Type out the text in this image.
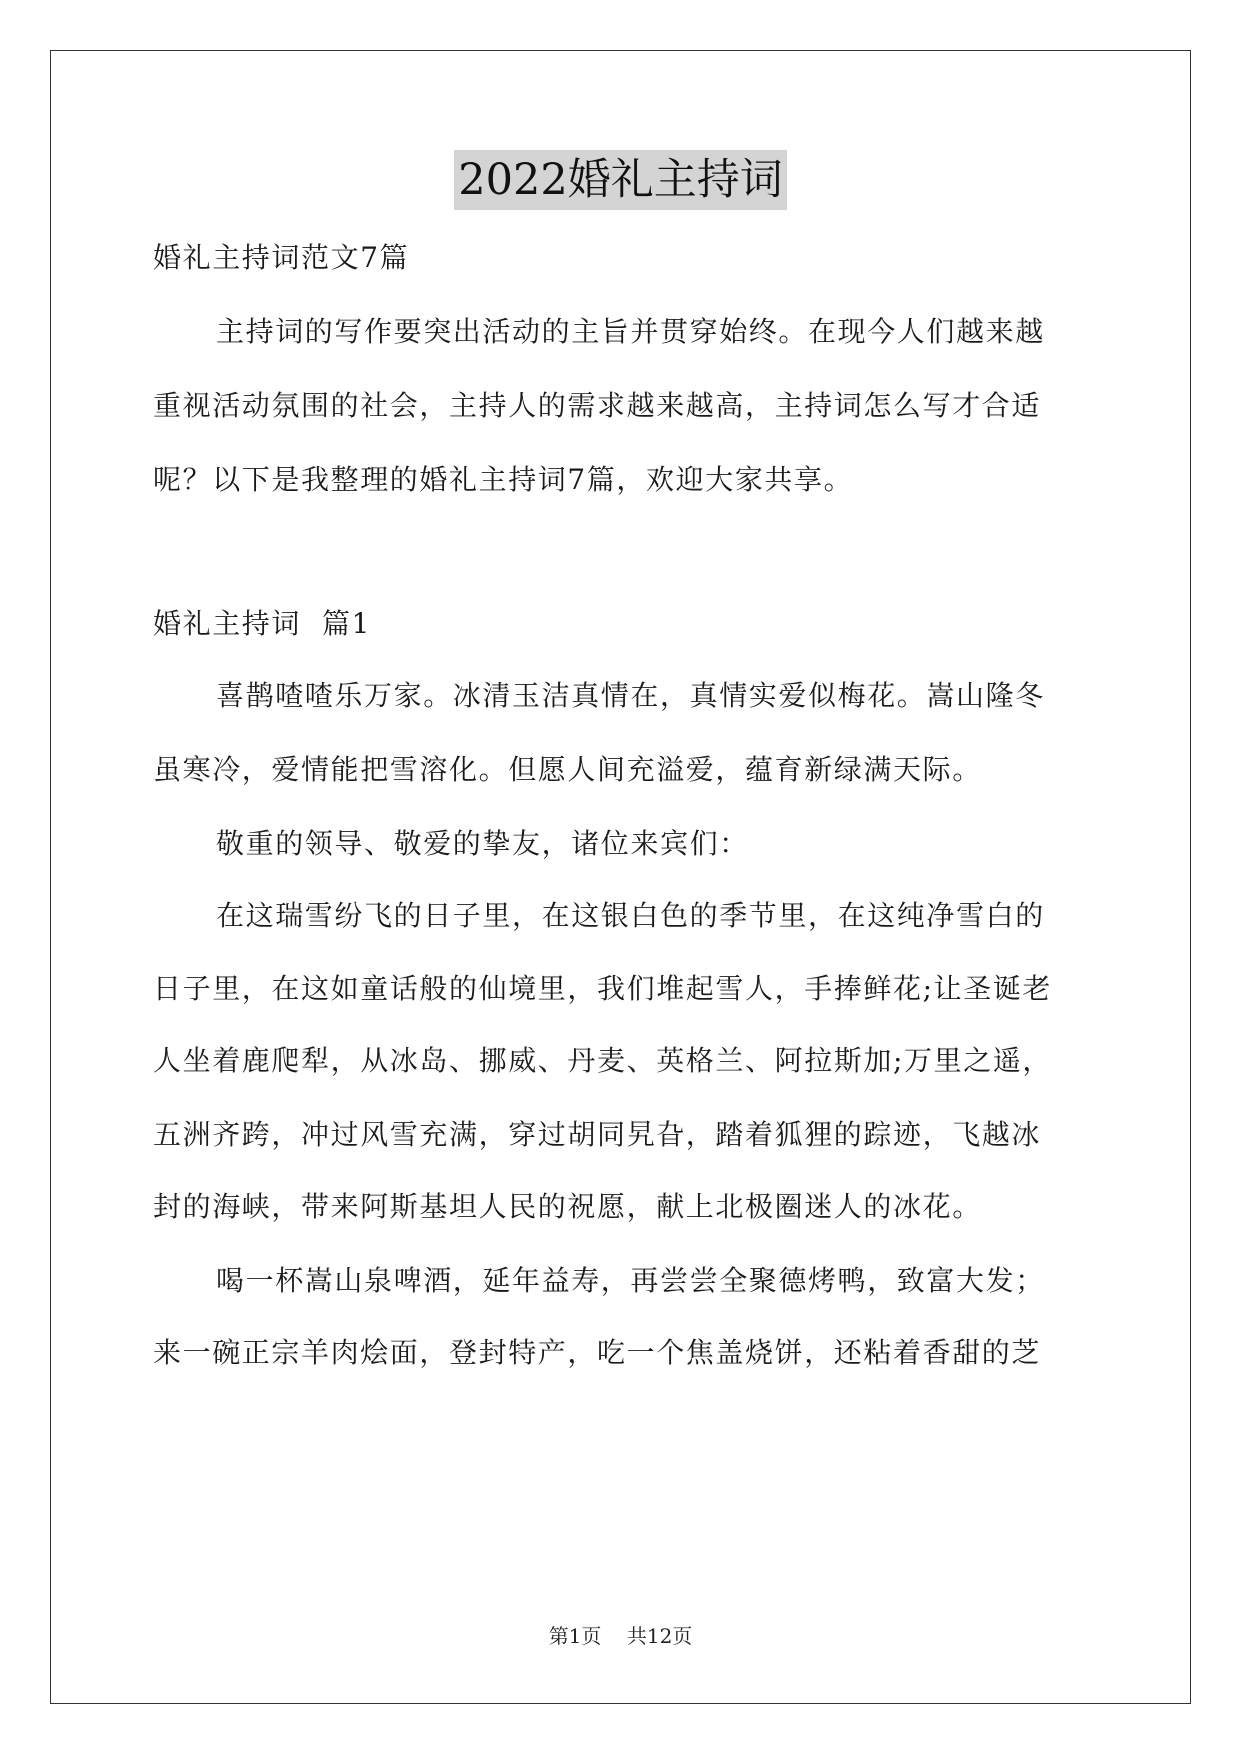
2022婚礼主持词

婚礼主持词范文7篇

主持词的写作要突出活动的主旨并贯穿始终。在现今人们越来越

重视活动氛围的社会，主持人的需求越来越高，主持词怎么写才合适

呢？以下是我整理的婚礼主持词7篇，欢迎大家共享。

婚礼主持词  篇1

喜鹊喳喳乐万家。冰清玉洁真情在，真情实爱似梅花。嵩山隆冬

虽寒冷，爱情能把雪溶化。但愿人间充溢爱，蕴育新绿满天际。

敬重的领导、敬爱的挚友，诸位来宾们：

在这瑞雪纷飞的日子里，在这银白色的季节里，在这纯净雪白的

日子里，在这如童话般的仙境里，我们堆起雪人，手捧鲜花;让圣诞老

人坐着鹿爬犁，从冰岛、挪威、丹麦、英格兰、阿拉斯加;万里之遥，

五洲齐跨，冲过风雪充满，穿过胡同旯旮，踏着狐狸的踪迹，飞越冰

封的海峡，带来阿斯基坦人民的祝愿，献上北极圈迷人的冰花。

喝一杯嵩山泉啤酒，延年益寿，再尝尝全聚德烤鸭，致富大发；

来一碗正宗羊肉烩面，登封特产，吃一个焦盖烧饼，还粘着香甜的芝

第1页    共12页
